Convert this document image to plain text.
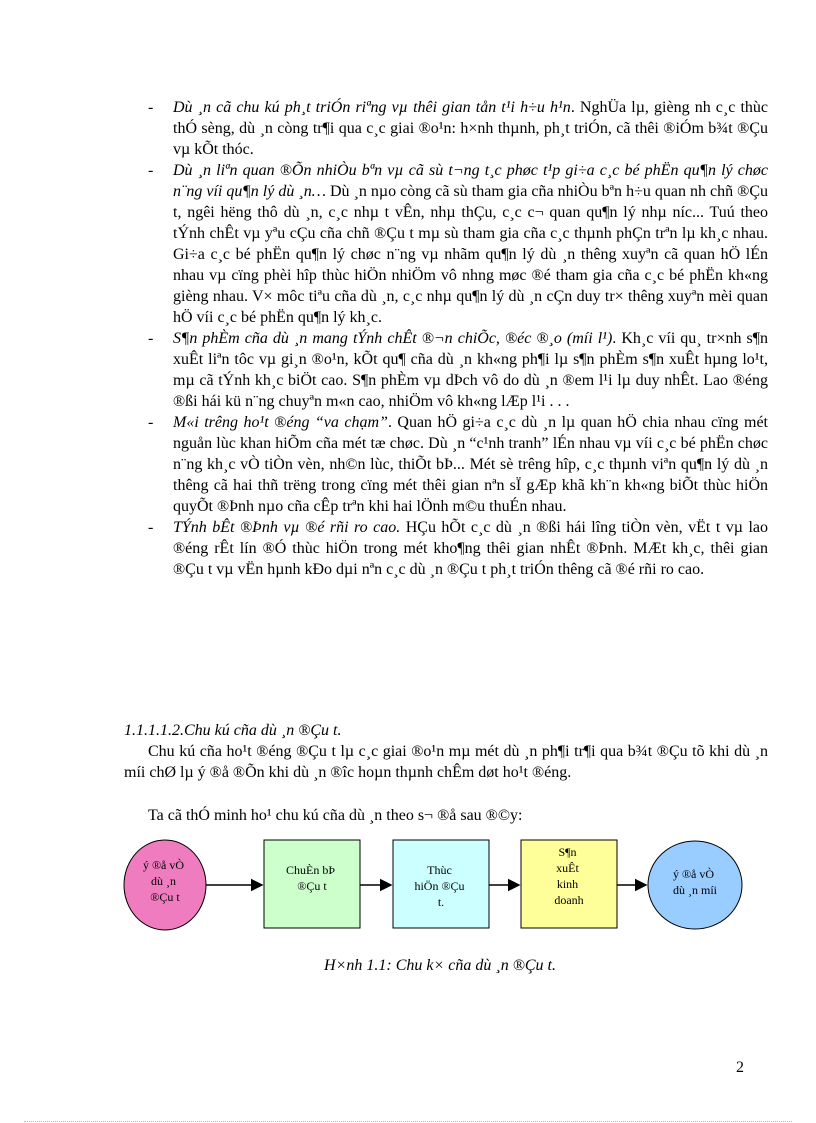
- Dù ¸n cã chu kú ph¸t triÓn riªng vµ thêi gian tån t¹i h÷u h¹n. NghÜa lµ, gièng nh c¸c thùc thÓ sèng, dù ¸n còng tr¶i qua c¸c giai ®o¹n: h×nh thµnh, ph¸t triÓn, cã thêi ®iÓm b¾t ®Çu vµ kÕt thóc.
- Dù ¸n liªn quan ®Õn nhiÒu bªn vµ cã sù t¬ng t¸c phøc t¹p gi÷a c¸c bé phËn qu¶n lý chøc n¨ng víi qu¶n lý dù ¸n… Dù ¸n nµo còng cã sù tham gia cña nhiÒu bªn h÷u quan nh chñ ®Çu t, ngêi hëng thô dù ¸n, c¸c nhµ t vÊn, nhµ thÇu, c¸c c¬ quan qu¶n lý nhµ níc... Tuú theo tÝnh chÊt vµ yªu cÇu cña chñ ®Çu t mµ sù tham gia cña c¸c thµnh phÇn trªn lµ kh¸c nhau. Gi÷a c¸c bé phËn qu¶n lý chøc n¨ng vµ nhãm qu¶n lý dù ¸n thêng xuyªn cã quan hÖ lÉn nhau vµ cïng phèi hîp thùc hiÖn nhiÖm vô nhng møc ®é tham gia cña c¸c bé phËn kh«ng gièng nhau. V× môc tiªu cña dù ¸n, c¸c nhµ qu¶n lý dù ¸n cÇn duy tr× thêng xuyªn mèi quan hÖ víi c¸c bé phËn qu¶n lý kh¸c.
- S¶n phÈm cña dù ¸n mang tÝnh chÊt ®¬n chiÕc, ®éc ®¸o (míi l¹). Kh¸c víi qu¸ tr×nh s¶n xuÊt liªn tôc vµ gi¸n ®o¹n, kÕt qu¶ cña dù ¸n kh«ng ph¶i lµ s¶n phÈm s¶n xuÊt hµng lo¹t, mµ cã tÝnh kh¸c biÖt cao. S¶n phÈm vµ dÞch vô do dù ¸n ®em l¹i lµ duy nhÊt. Lao ®éng ®ßi hái kü n¨ng chuyªn m«n cao, nhiÖm vô kh«ng lÆp l¹i . . .
- M«i trêng ho¹t ®éng “va chạm”. Quan hÖ gi÷a c¸c dù ¸n lµ quan hÖ chia nhau cïng mét nguån lùc khan hiÕm cña mét tæ chøc. Dù ¸n “c¹nh tranh” lÉn nhau vµ víi c¸c bé phËn chøc n¨ng kh¸c vÒ tiÒn vèn, nh©n lùc, thiÕt bÞ... Mét sè trêng hîp, c¸c thµnh viªn qu¶n lý dù ¸n thêng cã hai thñ trëng trong cïng mét thêi gian nªn sÏ gÆp khã kh¨n kh«ng biÕt thùc hiÖn quyÕt ®Þnh nµo cña cÊp trªn khi hai lÖnh m©u thuÉn nhau.
- TÝnh bÊt ®Þnh vµ ®é rñi ro cao. HÇu hÕt c¸c dù ¸n ®ßi hái lîng tiÒn vèn, vËt t vµ lao ®éng rÊt lín ®Ó thùc hiÖn trong mét kho¶ng thêi gian nhÊt ®Þnh. MÆt kh¸c, thêi gian ®Çu t vµ vËn hµnh kÐo dµi nªn c¸c dù ¸n ®Çu t ph¸t triÓn thêng cã ®é rñi ro cao.
1.1.1.1.2.Chu kú cña dù ¸n ®Çu t.

Chu kú cña ho¹t ®éng ®Çu t lµ c¸c giai ®o¹n mµ mét dù ¸n ph¶i tr¶i qua b¾t ®Çu tõ khi dù ¸n míi chØ lµ ý ®å ®Õn khi dù ¸n ®îc hoµn thµnh chÊm døt ho¹t ®éng.

Ta cã thÓ minh ho¹ chu kú cña dù ¸n theo s¬ ®å sau ®©y:

ý ®å vÒ dù ¸n ®Çu t
ChuÈn bÞ ®Çu t
Thùc hiÖn ®Çu t.
S¶n xuÊt kinh doanh
ý ®å vÒ dù ¸n míi
H×nh 1.1: Chu k× cña dù ¸n ®Çu t.
2
